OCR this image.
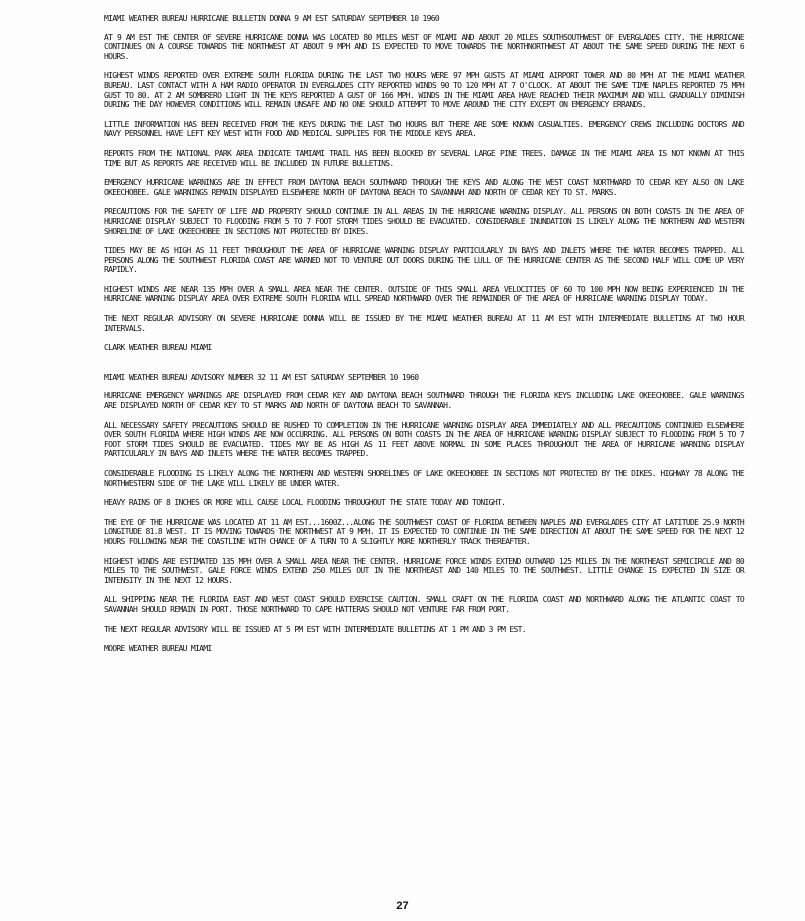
MIAMI WEATHER BUREAU HURRICANE BULLETIN DONNA 9 AM EST SATURDAY SEPTEMBER 10 1960

AT 9 AM EST THE CENTER OF SEVERE HURRICANE DONNA WAS LOCATED 80 MILES WEST OF MIAMI AND ABOUT 20 MILES SOUTHSOUTHWEST OF EVERGLADES CITY. THE HURRICANE CONTINUES ON A COURSE TOWARDS THE NORTHWEST AT ABOUT 9 MPH AND IS EXPECTED TO MOVE TOWARDS THE NORTHNORTHWEST AT ABOUT THE SAME SPEED DURING THE NEXT 6 HOURS.

HIGHEST WINDS REPORTED OVER EXTREME SOUTH FLORIDA DURING THE LAST TWO HOURS WERE 97 MPH GUSTS AT MIAMI AIRPORT TOWER AND 80 MPH AT THE MIAMI WEATHER BUREAU. LAST CONTACT WITH A HAM RADIO OPERATOR IN EVERGLADES CITY REPORTED WINDS 90 TO 120 MPH AT 7 O'CLOCK. AT ABOUT THE SAME TIME NAPLES REPORTED 75 MPH GUST TO 80. AT 2 AM SOMBRERO LIGHT IN THE KEYS REPORTED A GUST OF 166 MPH. WINDS IN THE MIAMI AREA HAVE REACHED THEIR MAXIMUM AND WILL GRADUALLY DIMINISH DURING THE DAY HOWEVER CONDITIONS WILL REMAIN UNSAFE AND NO ONE SHOULD ATTEMPT TO MOVE AROUND THE CITY EXCEPT ON EMERGENCY ERRANDS.

LITTLE INFORMATION HAS BEEN RECEIVED FROM THE KEYS DURING THE LAST TWO HOURS BUT THERE ARE SOME KNOWN CASUALTIES. EMERGENCY CREWS INCLUDING DOCTORS AND NAVY PERSONNEL HAVE LEFT KEY WEST WITH FOOD AND MEDICAL SUPPLIES FOR THE MIDDLE KEYS AREA.

REPORTS FROM THE NATIONAL PARK AREA INDICATE TAMIAMI TRAIL HAS BEEN BLOCKED BY SEVERAL LARGE PINE TREES. DAMAGE IN THE MIAMI AREA IS NOT KNOWN AT THIS TIME BUT AS REPORTS ARE RECEIVED WILL BE INCLUDED IN FUTURE BULLETINS.

EMERGENCY HURRICANE WARNINGS ARE IN EFFECT FROM DAYTONA BEACH SOUTHWARD THROUGH THE KEYS AND ALONG THE WEST COAST NORTHWARD TO CEDAR KEY ALSO ON LAKE OKEECHOBEE. GALE WARNINGS REMAIN DISPLAYED ELSEWHERE NORTH OF DAYTONA BEACH TO SAVANNAH AND NORTH OF CEDAR KEY TO ST. MARKS.

PRECAUTIONS FOR THE SAFETY OF LIFE AND PROPERTY SHOULD CONTINUE IN ALL AREAS IN THE HURRICANE WARNING DISPLAY. ALL PERSONS ON BOTH COASTS IN THE AREA OF HURRICANE DISPLAY SUBJECT TO FLOODING FROM 5 TO 7 FOOT STORM TIDES SHOULD BE EVACUATED. CONSIDERABLE INUNDATION IS LIKELY ALONG THE NORTHERN AND WESTERN SHORELINE OF LAKE OKEECHOBEE IN SECTIONS NOT PROTECTED BY DIKES.

TIDES MAY BE AS HIGH AS 11 FEET THROUGHOUT THE AREA OF HURRICANE WARNING DISPLAY PARTICULARLY IN BAYS AND INLETS WHERE THE WATER BECOMES TRAPPED. ALL PERSONS ALONG THE SOUTHWEST FLORIDA COAST ARE WARNED NOT TO VENTURE OUT DOORS DURING THE LULL OF THE HURRICANE CENTER AS THE SECOND HALF WILL COME UP VERY RAPIDLY.

HIGHEST WINDS ARE NEAR 135 MPH OVER A SMALL AREA NEAR THE CENTER. OUTSIDE OF THIS SMALL AREA VELOCITIES OF 60 TO 100 MPH NOW BEING EXPERIENCED IN THE HURRICANE WARNING DISPLAY AREA OVER EXTREME SOUTH FLORIDA WILL SPREAD NORTHWARD OVER THE REMAINDER OF THE AREA OF HURRICANE WARNING DISPLAY TODAY.

THE NEXT REGULAR ADVISORY ON SEVERE HURRICANE DONNA WILL BE ISSUED BY THE MIAMI WEATHER BUREAU AT 11 AM EST WITH INTERMEDIATE BULLETINS AT TWO HOUR INTERVALS.

CLARK WEATHER BUREAU MIAMI

MIAMI WEATHER BUREAU ADVISORY NUMBER 32 11 AM EST SATURDAY SEPTEMBER 10 1960

HURRICANE EMERGENCY WARNINGS ARE DISPLAYED FROM CEDAR KEY AND DAYTONA BEACH SOUTHWARD THROUGH THE FLORIDA KEYS INCLUDING LAKE OKEECHOBEE. GALE WARNINGS ARE DISPLAYED NORTH OF CEDAR KEY TO ST MARKS AND NORTH OF DAYTONA BEACH TO SAVANNAH.

ALL NECESSARY SAFETY PRECAUTIONS SHOULD BE RUSHED TO COMPLETION IN THE HURRICANE WARNING DISPLAY AREA IMMEDIATELY AND ALL PRECAUTIONS CONTINUED ELSEWHERE OVER SOUTH FLORIDA WHERE HIGH WINDS ARE NOW OCCURRING. ALL PERSONS ON BOTH COASTS IN THE AREA OF HURRICANE WARNING DISPLAY SUBJECT TO FLOODING FROM 5 TO 7 FOOT STORM TIDES SHOULD BE EVACUATED. TIDES MAY BE AS HIGH AS 11 FEET ABOVE NORMAL IN SOME PLACES THROUGHOUT THE AREA OF HURRICANE WARNING DISPLAY PARTICULARLY IN BAYS AND INLETS WHERE THE WATER BECOMES TRAPPED.

CONSIDERABLE FLOODING IS LIKELY ALONG THE NORTHERN AND WESTERN SHORELINES OF LAKE OKEECHOBEE IN SECTIONS NOT PROTECTED BY THE DIKES. HIGHWAY 78 ALONG THE NORTHWESTERN SIDE OF THE LAKE WILL LIKELY BE UNDER WATER.

HEAVY RAINS OF 8 INCHES OR MORE WILL CAUSE LOCAL FLOODING THROUGHOUT THE STATE TODAY AND TONIGHT.

THE EYE OF THE HURRICANE WAS LOCATED AT 11 AM EST...1600Z...ALONG THE SOUTHWEST COAST OF FLORIDA BETWEEN NAPLES AND EVERGLADES CITY AT LATITUDE 25.9 NORTH LONGITUDE 81.8 WEST. IT IS MOVING TOWARDS THE NORTHWEST AT 9 MPH. IT IS EXPECTED TO CONTINUE IN THE SAME DIRECTION AT ABOUT THE SAME SPEED FOR THE NEXT 12 HOURS FOLLOWING NEAR THE COASTLINE WITH CHANCE OF A TURN TO A SLIGHTLY MORE NORTHERLY TRACK THEREAFTER.

HIGHEST WINDS ARE ESTIMATED 135 MPH OVER A SMALL AREA NEAR THE CENTER. HURRICANE FORCE WINDS EXTEND OUTWARD 125 MILES IN THE NORTHEAST SEMICIRCLE AND 80 MILES TO THE SOUTHWEST. GALE FORCE WINDS EXTEND 250 MILES OUT IN THE NORTHEAST AND 140 MILES TO THE SOUTHWEST. LITTLE CHANGE IS EXPECTED IN SIZE OR INTENSITY IN THE NEXT 12 HOURS.

ALL SHIPPING NEAR THE FLORIDA EAST AND WEST COAST SHOULD EXERCISE CAUTION. SMALL CRAFT ON THE FLORIDA COAST AND NORTHWARD ALONG THE ATLANTIC COAST TO SAVANNAH SHOULD REMAIN IN PORT. THOSE NORTHWARD TO CAPE HATTERAS SHOULD NOT VENTURE FAR FROM PORT.

THE NEXT REGULAR ADVISORY WILL BE ISSUED AT 5 PM EST WITH INTERMEDIATE BULLETINS AT 1 PM AND 3 PM EST.

MOORE WEATHER BUREAU MIAMI

27
